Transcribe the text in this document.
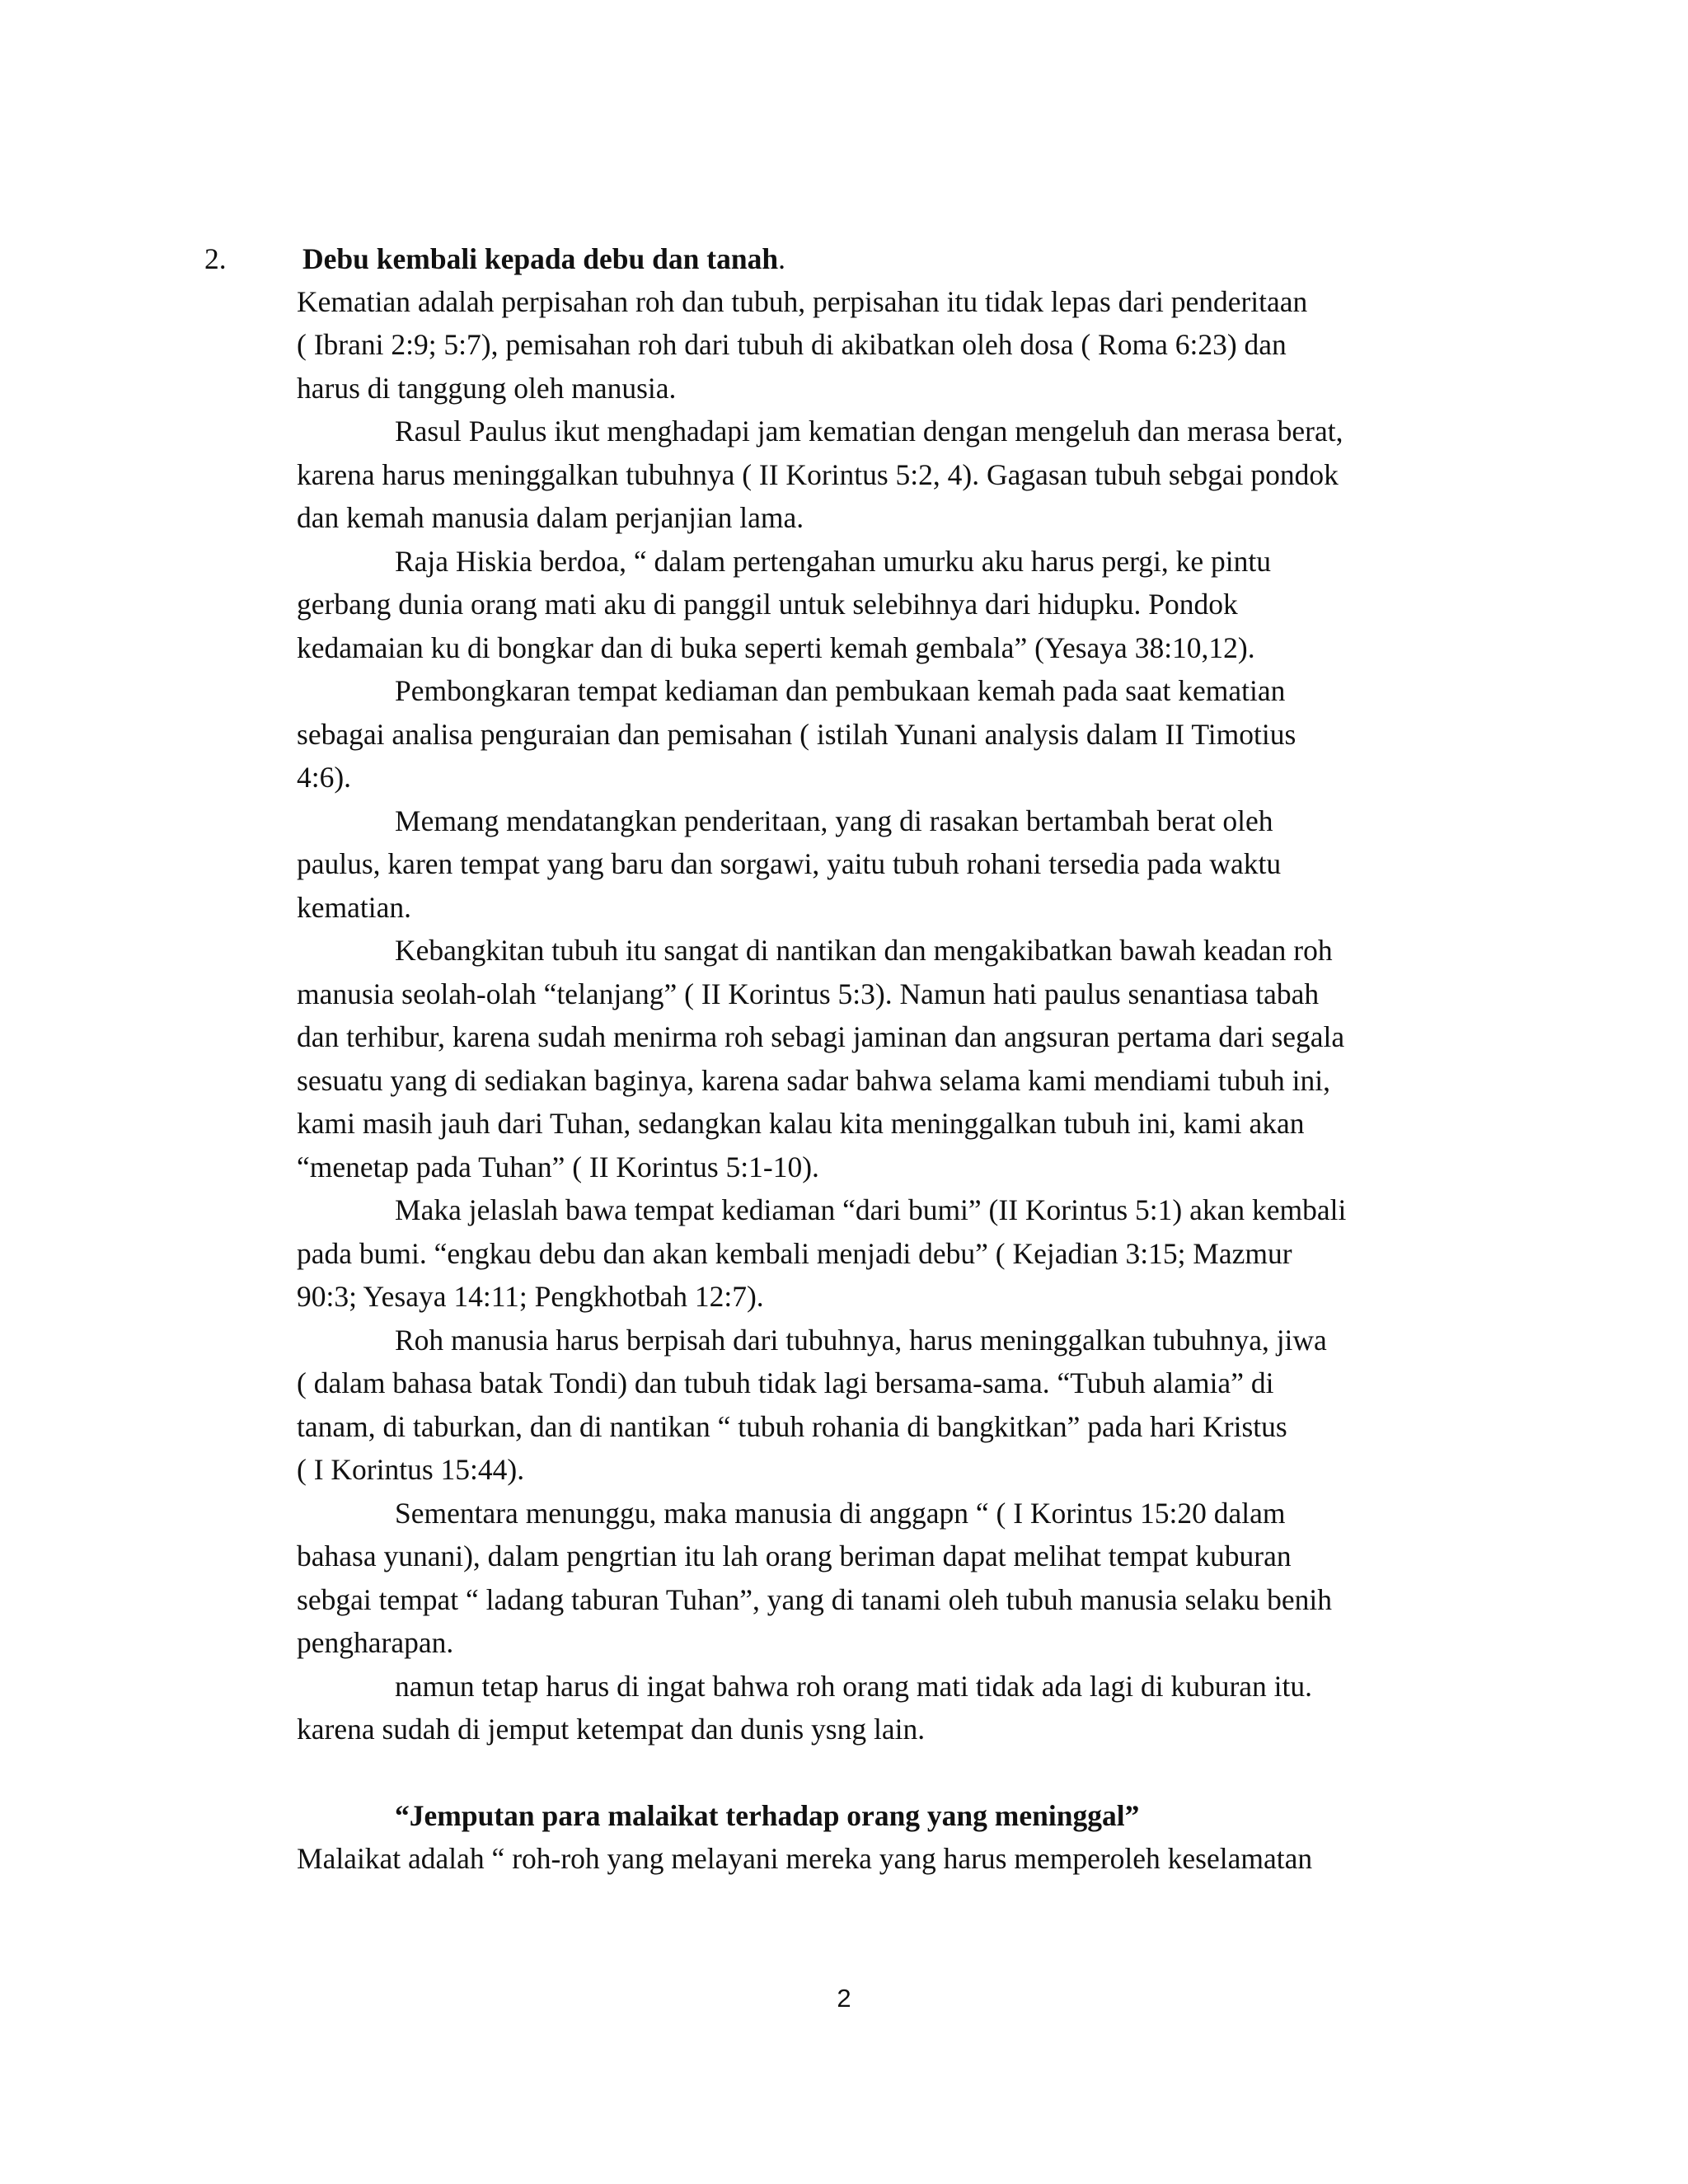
2.	Debu kembali kepada debu dan tanah.
Kematian adalah perpisahan roh dan tubuh, perpisahan itu tidak lepas dari penderitaan
( Ibrani 2:9; 5:7), pemisahan roh dari tubuh di akibatkan oleh dosa ( Roma 6:23) dan
harus di tanggung oleh manusia.
Rasul Paulus ikut menghadapi jam kematian dengan mengeluh dan merasa berat,
karena harus meninggalkan tubuhnya ( II Korintus 5:2, 4). Gagasan tubuh sebgai pondok
dan kemah manusia dalam perjanjian lama.
Raja Hiskia berdoa, “ dalam pertengahan umurku aku harus pergi, ke pintu
gerbang dunia orang mati aku di panggil untuk selebihnya dari hidupku. Pondok
kedamaian ku di bongkar dan di buka seperti kemah gembala” (Yesaya 38:10,12).
Pembongkaran tempat kediaman dan pembukaan kemah pada saat kematian
sebagai analisa penguraian dan pemisahan ( istilah Yunani analysis dalam II Timotius
4:6).
Memang mendatangkan penderitaan, yang di rasakan bertambah berat oleh
paulus, karen tempat yang baru dan sorgawi, yaitu tubuh rohani tersedia pada waktu
kematian.
Kebangkitan tubuh itu sangat di nantikan dan mengakibatkan bawah keadan roh
manusia seolah-olah “telanjang” ( II Korintus 5:3). Namun hati paulus senantiasa tabah
dan terhibur, karena sudah menirma roh sebagi jaminan dan angsuran pertama dari segala
sesuatu yang di sediakan baginya, karena sadar bahwa selama kami mendiami tubuh ini,
kami masih jauh dari Tuhan, sedangkan kalau kita meninggalkan tubuh ini, kami akan
“menetap pada Tuhan” ( II Korintus 5:1-10).
Maka jelaslah bawa tempat kediaman “dari bumi” (II Korintus 5:1) akan kembali
pada bumi. “engkau debu dan akan kembali menjadi debu” ( Kejadian 3:15; Mazmur
90:3; Yesaya 14:11; Pengkhotbah 12:7).
Roh manusia harus berpisah dari tubuhnya, harus meninggalkan tubuhnya, jiwa
( dalam bahasa batak Tondi) dan tubuh tidak lagi bersama-sama. “Tubuh alamia” di
tanam, di taburkan, dan di nantikan “ tubuh rohania di bangkitkan” pada hari Kristus
( I Korintus 15:44).
Sementara menunggu, maka manusia di anggapn “ ( I Korintus 15:20 dalam
bahasa yunani), dalam pengrtian itu lah orang beriman dapat melihat tempat kuburan
sebgai tempat “ ladang taburan Tuhan”, yang di tanami oleh tubuh manusia selaku benih
pengharapan.
namun tetap harus di ingat bahwa roh orang mati tidak ada lagi di kuburan itu.
karena sudah di jemput ketempat dan dunis ysng lain.
“Jemputan para malaikat terhadap orang yang meninggal”
Malaikat adalah “ roh-roh yang melayani mereka yang harus memperoleh keselamatan
2
